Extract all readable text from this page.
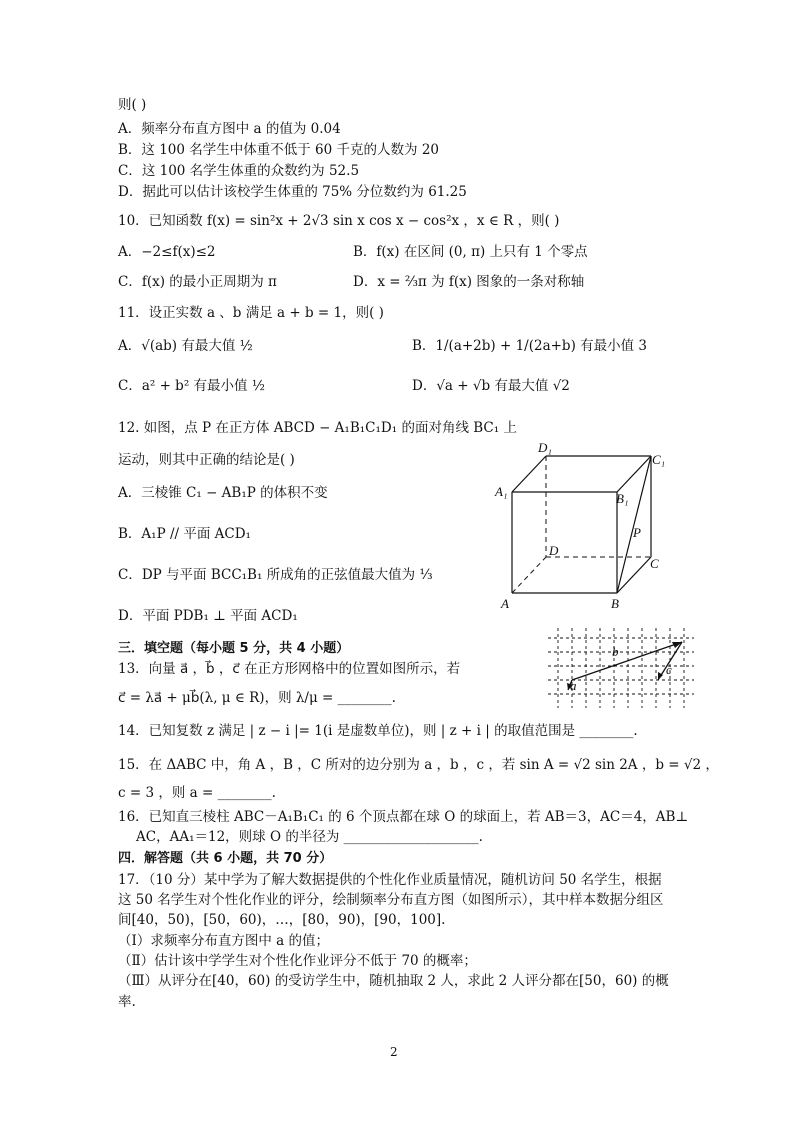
则( )
A．频率分布直方图中 a 的值为 0.04
B．这 100 名学生中体重不低于 60 千克的人数为 20
C．这 100 名学生体重的众数约为 52.5
D．据此可以估计该校学生体重的 75% 分位数约为 61.25
10．已知函数 f(x) = sin²x + 2√3 sin x cos x − cos²x ，x ∈ R ，则( )
A．−2≤f(x)≤2	B．f(x) 在区间 (0, π) 上只有 1 个零点
C．f(x) 的最小正周期为 π	D．x = ⅔π 为 f(x) 图象的一条对称轴
11．设正实数 a 、b 满足 a + b = 1，则( )
A．√(ab) 有最大值 ½	B．1/(a+2b) + 1/(2a+b) 有最小值 3
C．a² + b² 有最小值 ½	D．√a + √b 有最大值 √2
12. 如图，点 P 在正方体 ABCD − A₁B₁C₁D₁ 的面对角线 BC₁ 上
运动，则其中正确的结论是( )
A．三棱锥 C₁ − AB₁P 的体积不变
B．A₁P // 平面 ACD₁
C．DP 与平面 BCC₁B₁ 所成角的正弦值最大值为 ⅓
D．平面 PDB₁ ⊥ 平面 ACD₁
D₁
C₁
A₁	B₁
P
D
C
A	B
三．填空题（每小题 5 分，共 4 小题）
13．向量 a⃗ ，b⃗ ，c⃗ 在正方形网格中的位置如图所示，若
c⃗ = λa⃗ + μb⃗(λ, μ ∈ R)，则 λ/μ = ________.
a
b
c
14．已知复数 z 满足 | z − i |= 1(i 是虚数单位)，则 | z + i | 的取值范围是 ________.
15．在 ΔABC 中，角 A ，B ，C 所对的边分别为 a ，b ，c ，若 sin A = √2 sin 2A ，b = √2 ，
c = 3 ，则 a = ________.
16．已知直三棱柱 ABC－A₁B₁C₁ 的 6 个顶点都在球 O 的球面上，若 AB＝3，AC＝4，AB⊥
AC，AA₁＝12，则球 O 的半径为 ____________________.
四．解答题（共 6 小题，共 70 分）
17．（10 分）某中学为了解大数据提供的个性化作业质量情况，随机访问 50 名学生，根据
这 50 名学生对个性化作业的评分，绘制频率分布直方图（如图所示），其中样本数据分组区
间[40，50)，[50，60)，…，[80，90)，[90，100].
（Ⅰ）求频率分布直方图中 a 的值；
（Ⅱ）估计该中学学生对个性化作业评分不低于 70 的概率；
（Ⅲ）从评分在[40，60) 的受访学生中，随机抽取 2 人，求此 2 人评分都在[50，60) 的概
率.
2
